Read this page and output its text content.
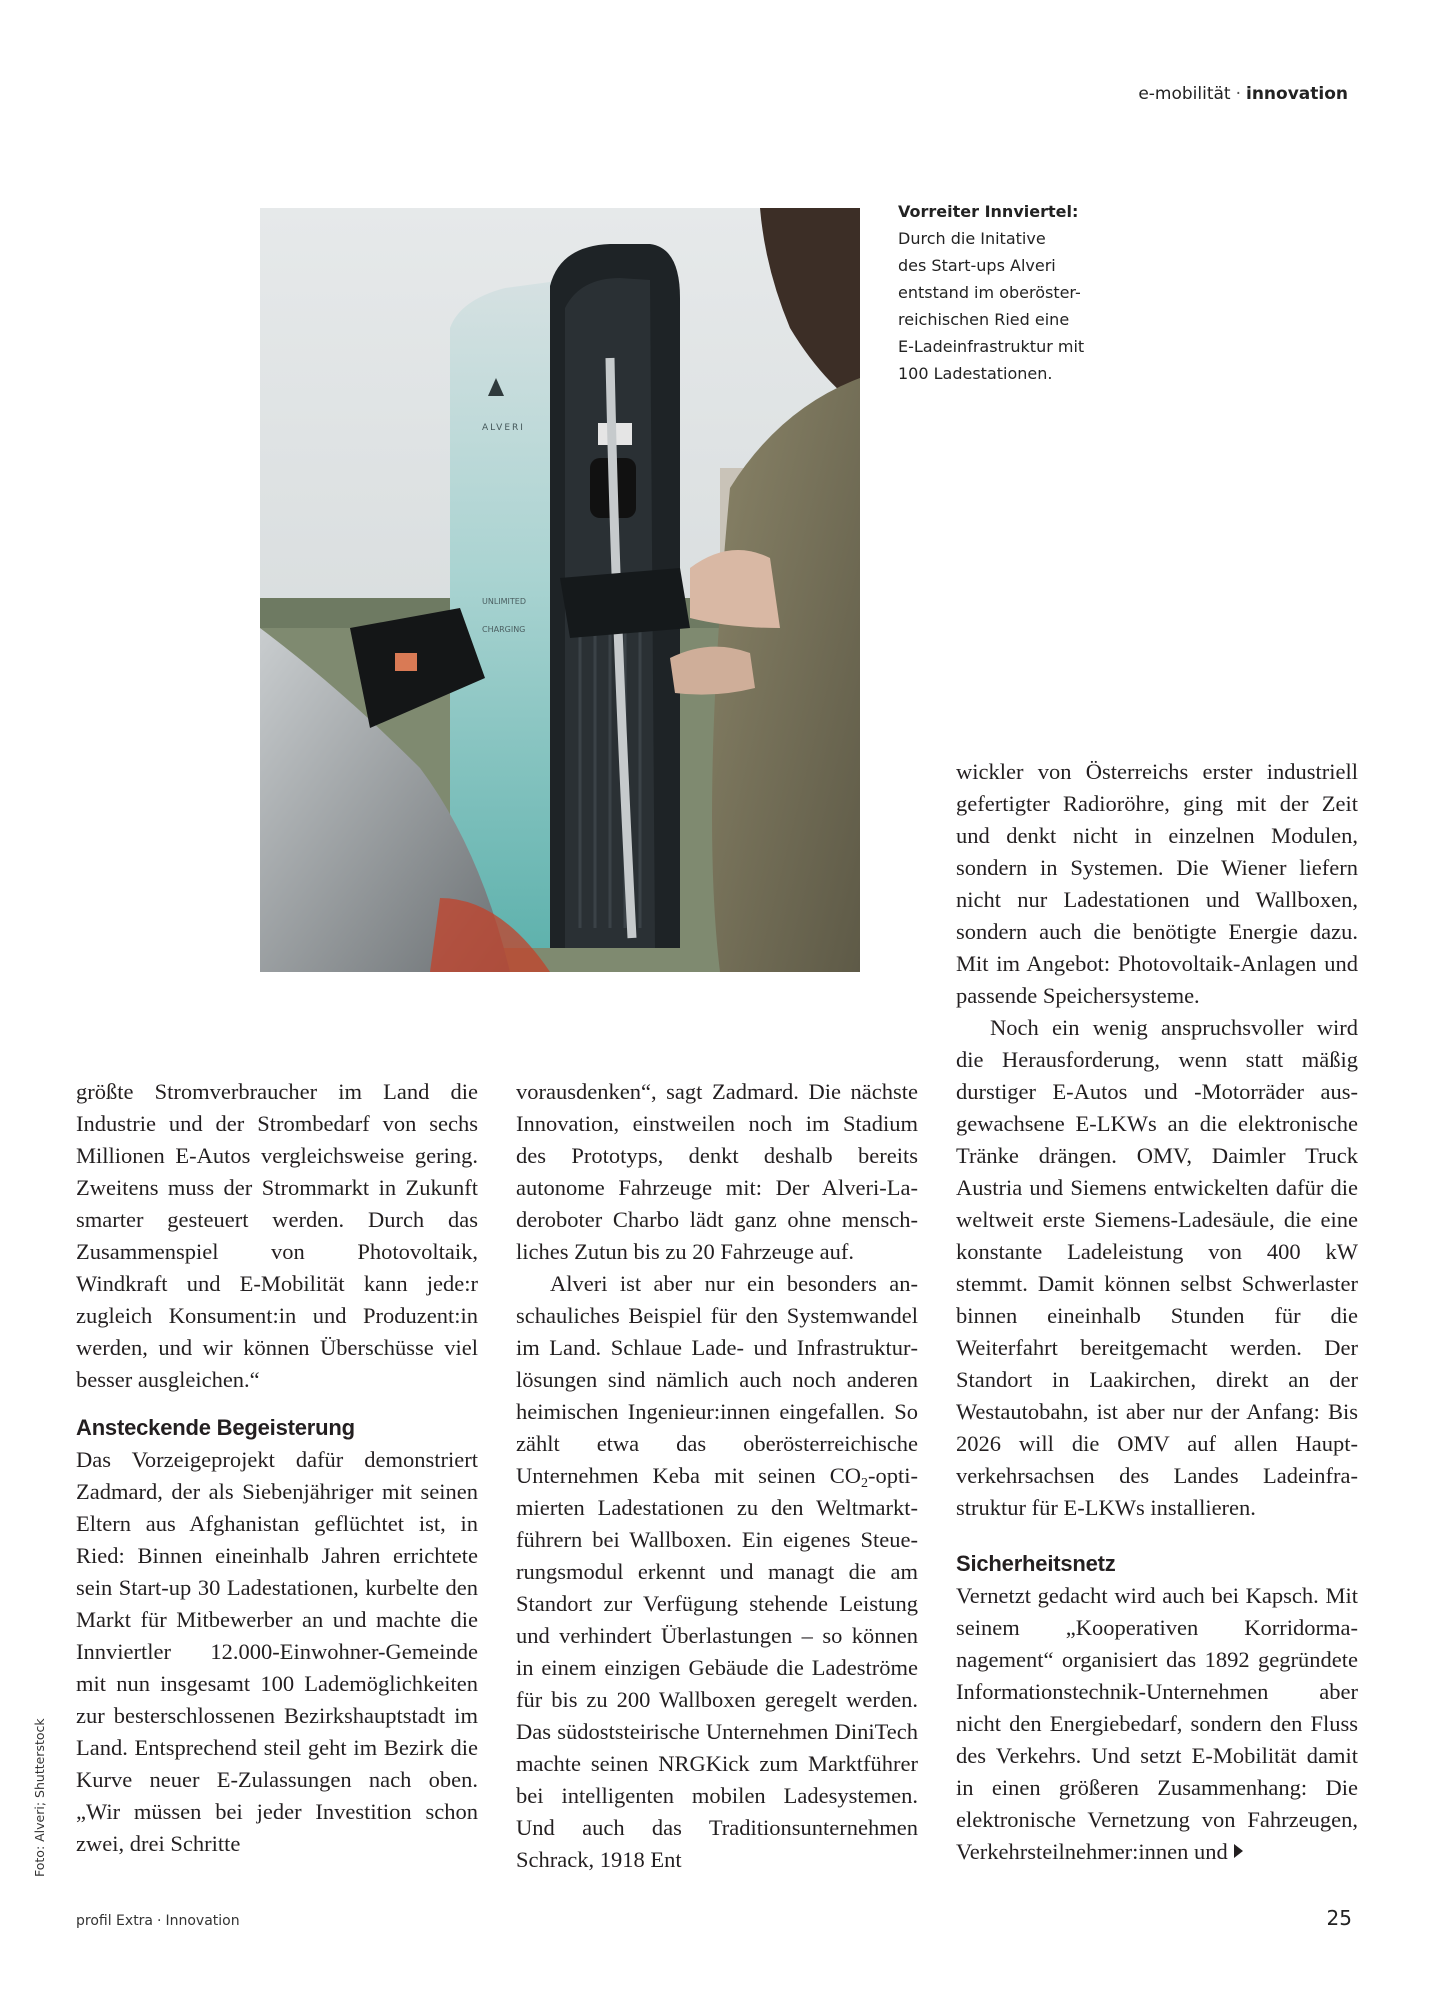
e-mobilität · innovation
ALVERI
UNLIMITED
CHARGING
Vorreiter Innviertel:
Durch die Initative
des Start-ups Alveri
entstand im oberöster-
reichischen Ried eine
E-Ladeinfrastruktur mit
100 Ladestationen.

größte Stromverbraucher im Land die Industrie und der Strombedarf von sechs Millionen E-Autos vergleichsweise gering. Zweitens muss der Strommarkt in Zukunft smarter gesteuert werden. Durch das Zusammenspiel von Photovoltaik, Windkraft und E-Mobilität kann jede:r zugleich Konsument:in und Produzent:in werden, und wir können Überschüsse viel besser ausgleichen.“

Ansteckende Begeisterung

Das Vorzeigeprojekt dafür demonstriert Zadmard, der als Siebenjähriger mit seinen Eltern aus Afghanistan geflüchtet ist, in Ried: Binnen eineinhalb Jahren errichtete sein Start-up 30 Ladestationen, kurbelte den Markt für Mitbewerber an und machte die Innviertler 12.000-Einwohner-Gemeinde mit nun insgesamt 100 Lademöglichkeiten zur besterschlossenen Bezirkshauptstadt im Land. Entsprechend steil geht im Bezirk die Kurve neuer E-Zulassungen nach oben. „Wir müssen bei jeder Investition schon zwei, drei Schritte

vorausdenken“, sagt Zadmard. Die nächste Innovation, einstweilen noch im Stadium des Prototyps, denkt deshalb bereits autonome Fahrzeuge mit: Der Alveri-Laderoboter Charbo lädt ganz ohne menschliches Zutun bis zu 20 Fahrzeuge auf.

Alveri ist aber nur ein besonders anschauliches Beispiel für den Systemwandel im Land. Schlaue Lade- und Infrastrukturlösungen sind nämlich auch noch anderen heimischen Ingenieur:innen eingefallen. So zählt etwa das oberösterreichische Unternehmen Keba mit seinen CO2-optimierten Ladestationen zu den Weltmarktführern bei Wallboxen. Ein eigenes Steuerungsmodul erkennt und managt die am Standort zur Verfügung stehende Leistung und verhindert Überlastungen – so können in einem einzigen Gebäude die Ladeströme für bis zu 200 Wallboxen geregelt werden. Das südoststeirische Unternehmen DiniTech machte seinen NRGKick zum Marktführer bei intelligenten mobilen Ladesystemen. Und auch das Traditionsunternehmen Schrack, 1918 Ent

wickler von Österreichs erster industriell gefertigter Radioröhre, ging mit der Zeit und denkt nicht in einzelnen Modulen, sondern in Systemen. Die Wiener liefern nicht nur Ladestationen und Wallboxen, sondern auch die benötigte Energie dazu. Mit im Angebot: Photovoltaik-Anlagen und passende Speichersysteme.

Noch ein wenig anspruchsvoller wird die Herausforderung, wenn statt mäßig durstiger E-Autos und -Motorräder ausgewachsene E-LKWs an die elektronische Tränke drängen. OMV, Daimler Truck Austria und Siemens entwickelten dafür die weltweit erste Siemens-Ladesäule, die eine konstante Ladeleistung von 400 kW stemmt. Damit können selbst Schwerlaster binnen eineinhalb Stunden für die Weiterfahrt bereitgemacht werden. Der Standort in Laakirchen, direkt an der Westautobahn, ist aber nur der Anfang: Bis 2026 will die OMV auf allen Hauptverkehrsachsen des Landes Ladeinfrastruktur für E-LKWs installieren.

Sicherheitsnetz

Vernetzt gedacht wird auch bei Kapsch. Mit seinem „Kooperativen Korridormanagement“ organisiert das 1892 gegründete Informationstechnik-Unternehmen aber nicht den Energiebedarf, sondern den Fluss des Verkehrs. Und setzt E-Mobilität damit in einen größeren Zusammenhang: Die elektronische Vernetzung von Fahrzeugen, Verkehrsteilnehmer:innen und

Foto: Alveri; Shutterstock
profil Extra · Innovation	25
